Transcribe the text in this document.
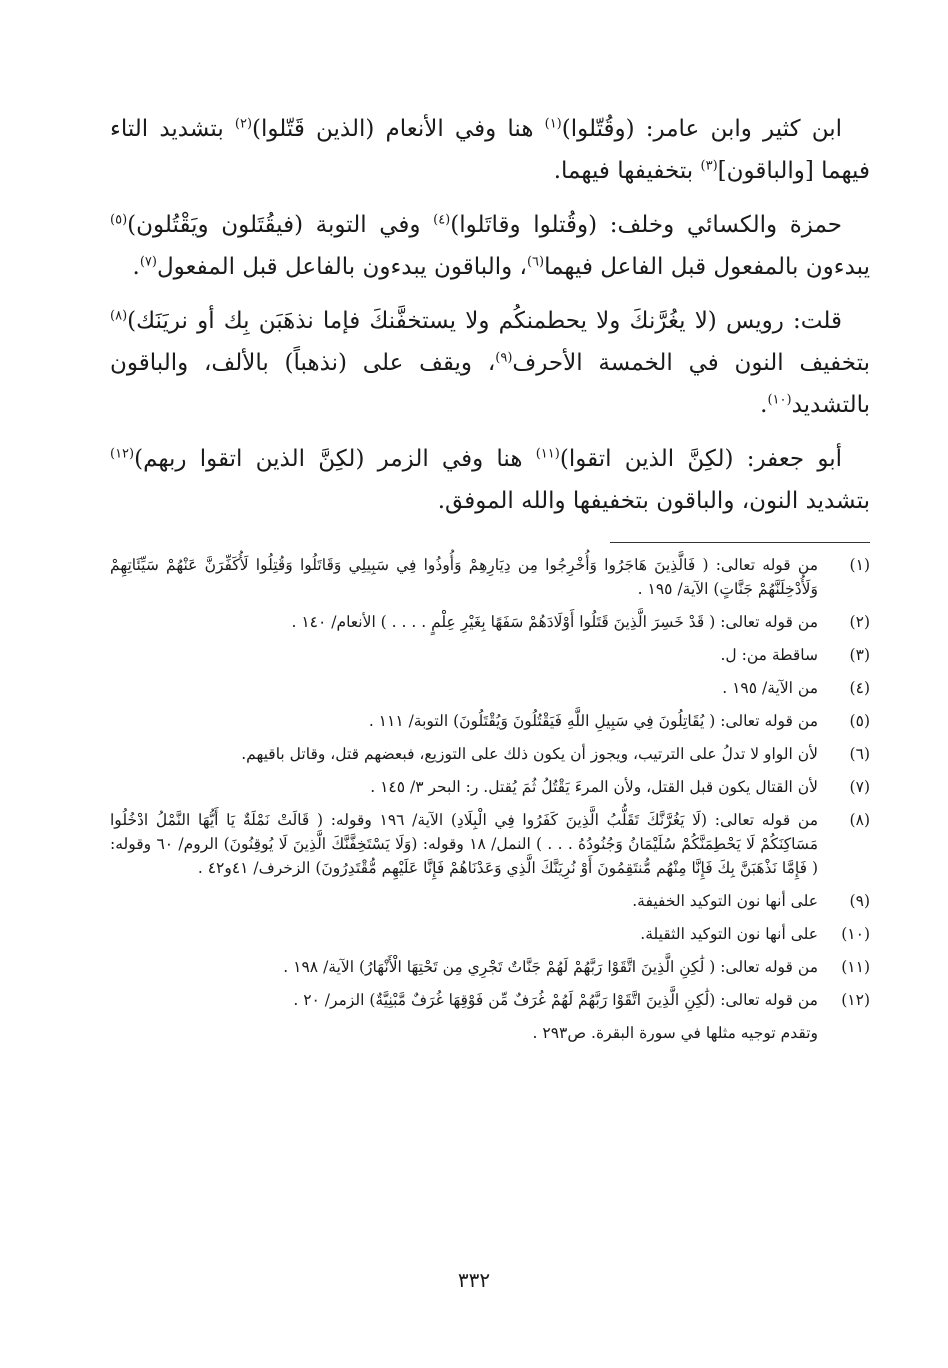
ابن كثير وابن عامر: (وقُتّلوا)$^{(١)}$ هنا وفي الأنعام (الذين قَتّلوا)$^{(٢)}$ بتشديد التاء فيهما [والباقون]$^{(٣)}$ بتخفيفها فيهما.

حمزة والكسائي وخلف: (وقُتلوا وقاتَلوا)$^{(٤)}$ وفي التوبة (فيقُتَلون ويَقْتُلون)$^{(٥)}$ يبدءون بالمفعول قبل الفاعل فيهما$^{(٦)}$، والباقون يبدءون بالفاعل قبل المفعول$^{(٧)}$.

قلت: رويس (لا يغُرَّنكَ ولا يحطمنكُم ولا يستخفَّنكَ فإما نذهَبَن بِك أو نريَنَك)$^{(٨)}$ بتخفيف النون في الخمسة الأحرف$^{(٩)}$، ويقف على (نذهباً) بالألف، والباقون بالتشديد$^{(١٠)}$.

أبو جعفر: (لكِنَّ الذين اتقوا)$^{(١١)}$ هنا وفي الزمر (لكِنَّ الذين اتقوا ربهم)$^{(١٢)}$ بتشديد النون، والباقون بتخفيفها والله الموفق.

(١)
من قوله تعالى: ( فَالَّذِينَ هَاجَرُوا وَأُخْرِجُوا مِن دِيَارِهِمْ وَأُوذُوا فِي سَبِيلِي وَقَاتَلُوا وَقُتِلُوا لَأُكَفِّرَنَّ عَنْهُمْ سَيِّئَاتِهِمْ وَلَأُدْخِلَنَّهُمْ جَنَّاتٍ) الآية/ ١٩٥ .
(٢)
من قوله تعالى: ( قَدْ خَسِرَ الَّذِينَ قَتَلُوا أَوْلَادَهُمْ سَفَهًا بِغَيْرِ عِلْمٍ . . . . ) الأنعام/ ١٤٠ .
(٣)
ساقطة من: ل.
(٤)
من الآية/ ١٩٥ .
(٥)
من قوله تعالى: ( يُقَاتِلُونَ فِي سَبِيلِ اللَّهِ فَيَقْتُلُونَ وَيُقْتَلُونَ) التوبة/ ١١١ .
(٦)
لأن الواو لا تدلُ على الترتيب، ويجوز أن يكون ذلك على التوزيع، فبعضهم قتل، وقاتل باقيهم.
(٧)
لأن القتال يكون قبل القتل، ولأن المرءَ يَقْتُلُ ثُمَ يُقتل. ر: البحر ٣/ ١٤٥ .
(٨)
من قوله تعالى: (لَا يَغُرَّنَّكَ تَقَلُّبُ الَّذِينَ كَفَرُوا فِي الْبِلَادِ) الآية/ ١٩٦ وقوله: ( قَالَتْ نَمْلَةٌ يَا أَيُّهَا النَّمْلُ ادْخُلُوا مَسَاكِنَكُمْ لَا يَحْطِمَنَّكُمْ سُلَيْمَانُ وَجُنُودُهُ . . . ) النمل/ ١٨ وقوله: (وَلَا يَسْتَخِفَّنَّكَ الَّذِينَ لَا يُوقِنُونَ) الروم/ ٦٠ وقوله: ( فَإِمَّا نَذْهَبَنَّ بِكَ فَإِنَّا مِنْهُم مُّنتَقِمُونَ أَوْ نُرِيَنَّكَ الَّذِي وَعَدْنَاهُمْ فَإِنَّا عَلَيْهِم مُّقْتَدِرُونَ) الزخرف/ ٤١و٤٢ .
(٩)
على أنها نون التوكيد الخفيفة.
(١٠)
على أنها نون التوكيد الثقيلة.
(١١)
من قوله تعالى: ( لَٰكِنِ الَّذِينَ اتَّقَوْا رَبَّهُمْ لَهُمْ جَنَّاتٌ تَجْرِي مِن تَحْتِهَا الْأَنْهَارُ) الآية/ ١٩٨ .
(١٢)
من قوله تعالى: (لَٰكِنِ الَّذِينَ اتَّقَوْا رَبَّهُمْ لَهُمْ غُرَفٌ مِّن فَوْقِهَا غُرَفٌ مَّبْنِيَّةٌ) الزمر/ ٢٠ .
وتقدم توجيه مثلها في سورة البقرة. ص٢٩٣ .
٣٣٢
